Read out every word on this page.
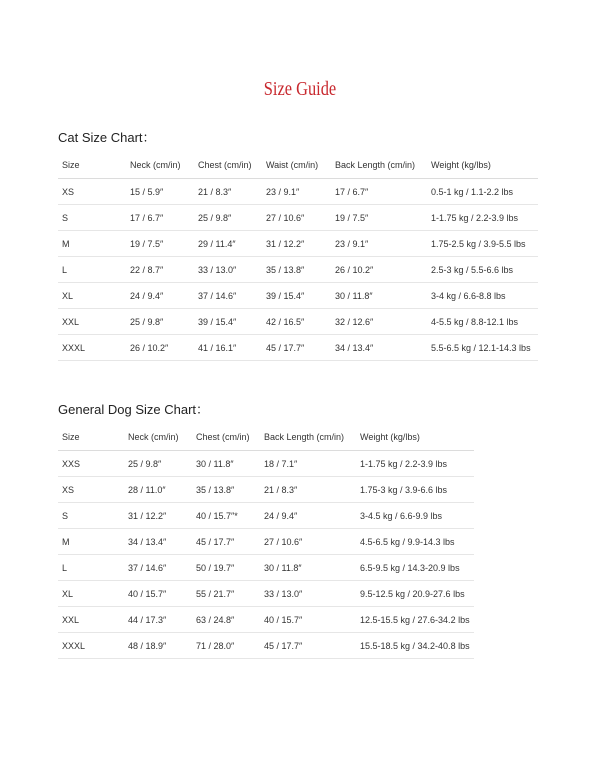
Size Guide
Cat Size Chart：
Size	Neck (cm/in)	Chest (cm/in)	Waist (cm/in)	Back Length (cm/in)	Weight (kg/lbs)
XS	15 / 5.9″	21 / 8.3″	23 / 9.1″	17 / 6.7″	0.5-1 kg / 1.1-2.2 lbs
S	17 / 6.7″	25 / 9.8″	27 / 10.6″	19 / 7.5″	1-1.75 kg / 2.2-3.9 lbs
M	19 / 7.5″	29 / 11.4″	31 / 12.2″	23 / 9.1″	1.75-2.5 kg / 3.9-5.5 lbs
L	22 / 8.7″	33 / 13.0″	35 / 13.8″	26 / 10.2″	2.5-3 kg / 5.5-6.6 lbs
XL	24 / 9.4″	37 / 14.6″	39 / 15.4″	30 / 11.8″	3-4 kg / 6.6-8.8 lbs
XXL	25 / 9.8″	39 / 15.4″	42 / 16.5″	32 / 12.6″	4-5.5 kg / 8.8-12.1 lbs
XXXL	26 / 10.2″	41 / 16.1″	45 / 17.7″	34 / 13.4″	5.5-6.5 kg / 12.1-14.3 lbs
General Dog Size Chart：
Size	Neck (cm/in)	Chest (cm/in)	Back Length (cm/in)	Weight (kg/lbs)
XXS	25 / 9.8″	30 / 11.8″	18 / 7.1″	1-1.75 kg / 2.2-3.9 lbs
XS	28 / 11.0″	35 / 13.8″	21 / 8.3″	1.75-3 kg / 3.9-6.6 lbs
S	31 / 12.2″	40 / 15.7″*	24 / 9.4″	3-4.5 kg / 6.6-9.9 lbs
M	34 / 13.4″	45 / 17.7″	27 / 10.6″	4.5-6.5 kg / 9.9-14.3 lbs
L	37 / 14.6″	50 / 19.7″	30 / 11.8″	6.5-9.5 kg / 14.3-20.9 lbs
XL	40 / 15.7″	55 / 21.7″	33 / 13.0″	9.5-12.5 kg / 20.9-27.6 lbs
XXL	44 / 17.3″	63 / 24.8″	40 / 15.7″	12.5-15.5 kg / 27.6-34.2 lbs
XXXL	48 / 18.9″	71 / 28.0″	45 / 17.7″	15.5-18.5 kg / 34.2-40.8 lbs
